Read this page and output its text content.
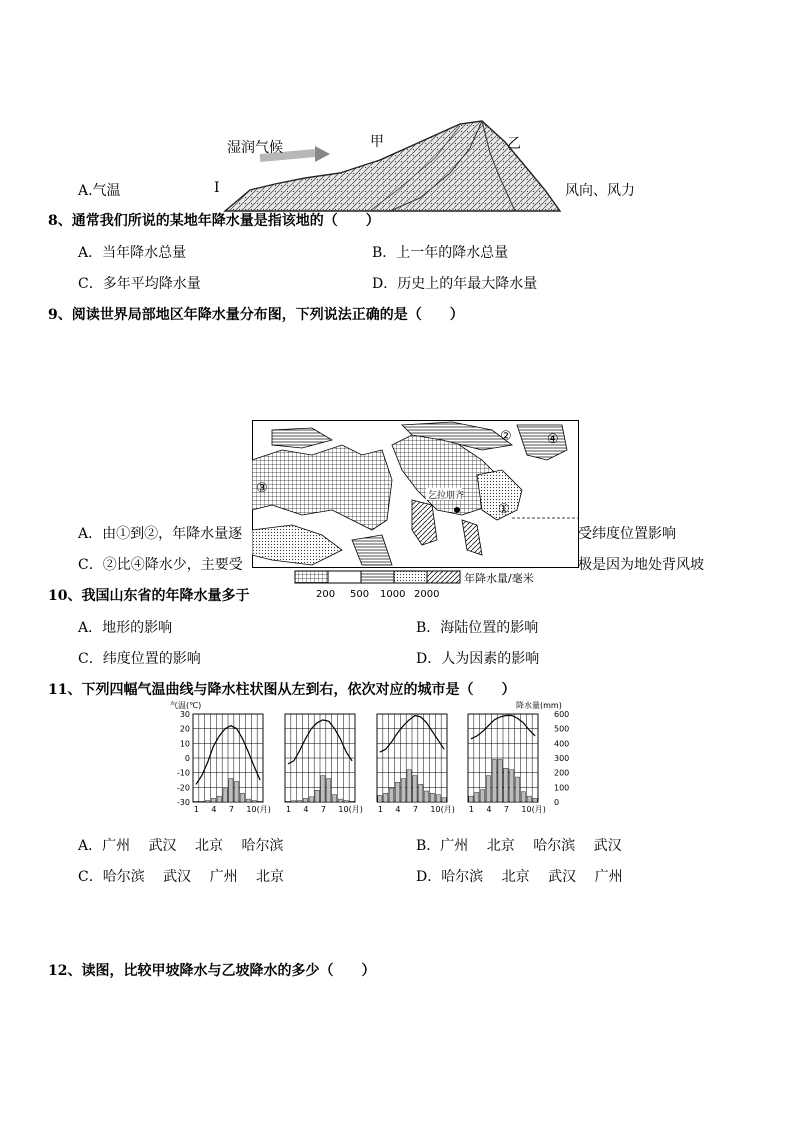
A.气温	I	风向、风力
湿润气候	甲	乙
8、通常我们所说的某地年降水量是指该地的（　　）
A．当年降水总量	B．上一年的降水总量
C．多年平均降水量	D．历史上的年最大降水量
9、阅读世界局部地区年降水量分布图，下列说法正确的是（　　）
A．由①到②，年降水量逐	受纬度位置影响
C．②比④降水少，主要受	极是因为地处背风坡
乞拉朋齐
②	④
③
①
年降水量/毫米
200 500 1000 2000
10、我国山东省的年降水量多于
A．地形的影响	B．海陆位置的影响
C．纬度位置的影响	D．人为因素的影响
11、下列四幅气温曲线与降水柱状图从左到右，依次对应的城市是（　　）
气温(℃)	降水量(mm)
30
20
10
0
-10
-20
-30
600
500
400
300
200
100
0
1 4 7 10(月) 1 4 7 10(月) 1 4 7 10(月) 1 4 7 10(月)
A．广州　 武汉　 北京　 哈尔滨	B．广州　 北京　 哈尔滨　 武汉
C．哈尔滨　 武汉　 广州　 北京	D．哈尔滨　 北京　 武汉　 广州
12、读图，比较甲坡降水与乙坡降水的多少（　　）
